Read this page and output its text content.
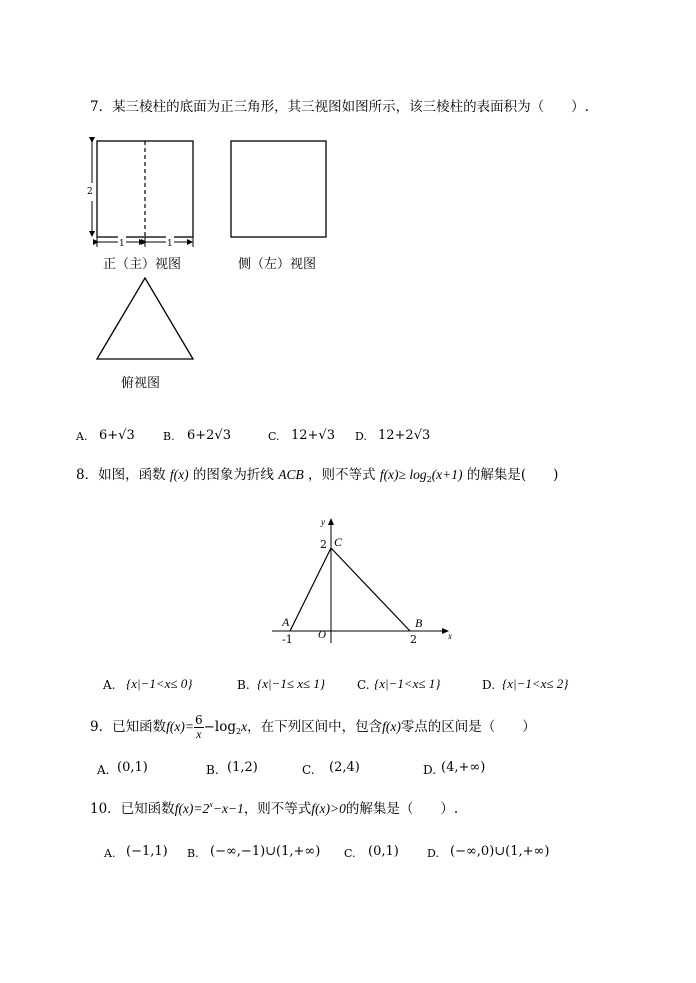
7．某三棱柱的底面为正三角形，其三视图如图所示，该三棱柱的表面积为（　　）.
2
1	1
正（主）视图	侧（左）视图
俯视图
A. 6+√3	B. 6+2√3	C. 12+√3 D. 12+2√3
8．如图，函数 f(x) 的图象为折线 ACB ，则不等式 $f(x)\ge \log_2(x+1)$ 的解集是(　　)
y
x
2 C
A	B
O
-1	2
A. {x|−1<x≤ 0}	B. {x|−1≤ x≤ 1}	C. {x|−1<x≤ 1}	D. {x|−1<x≤ 2}
9．已知函数$f(x)= \frac{6}{x} -\log_2x$，在下列区间中，包含f(x)零点的区间是（　　）
A. (0,1)	B. (1,2)	C. (2,4)	D. (4,+∞)
10．已知函数$f(x)=2^x-x-1$，则不等式f(x)>0的解集是（　　）.
A. (−1,1) B. (−∞,−1)∪(1,+∞) C. (0,1)	D. (−∞,0)∪(1,+∞)
